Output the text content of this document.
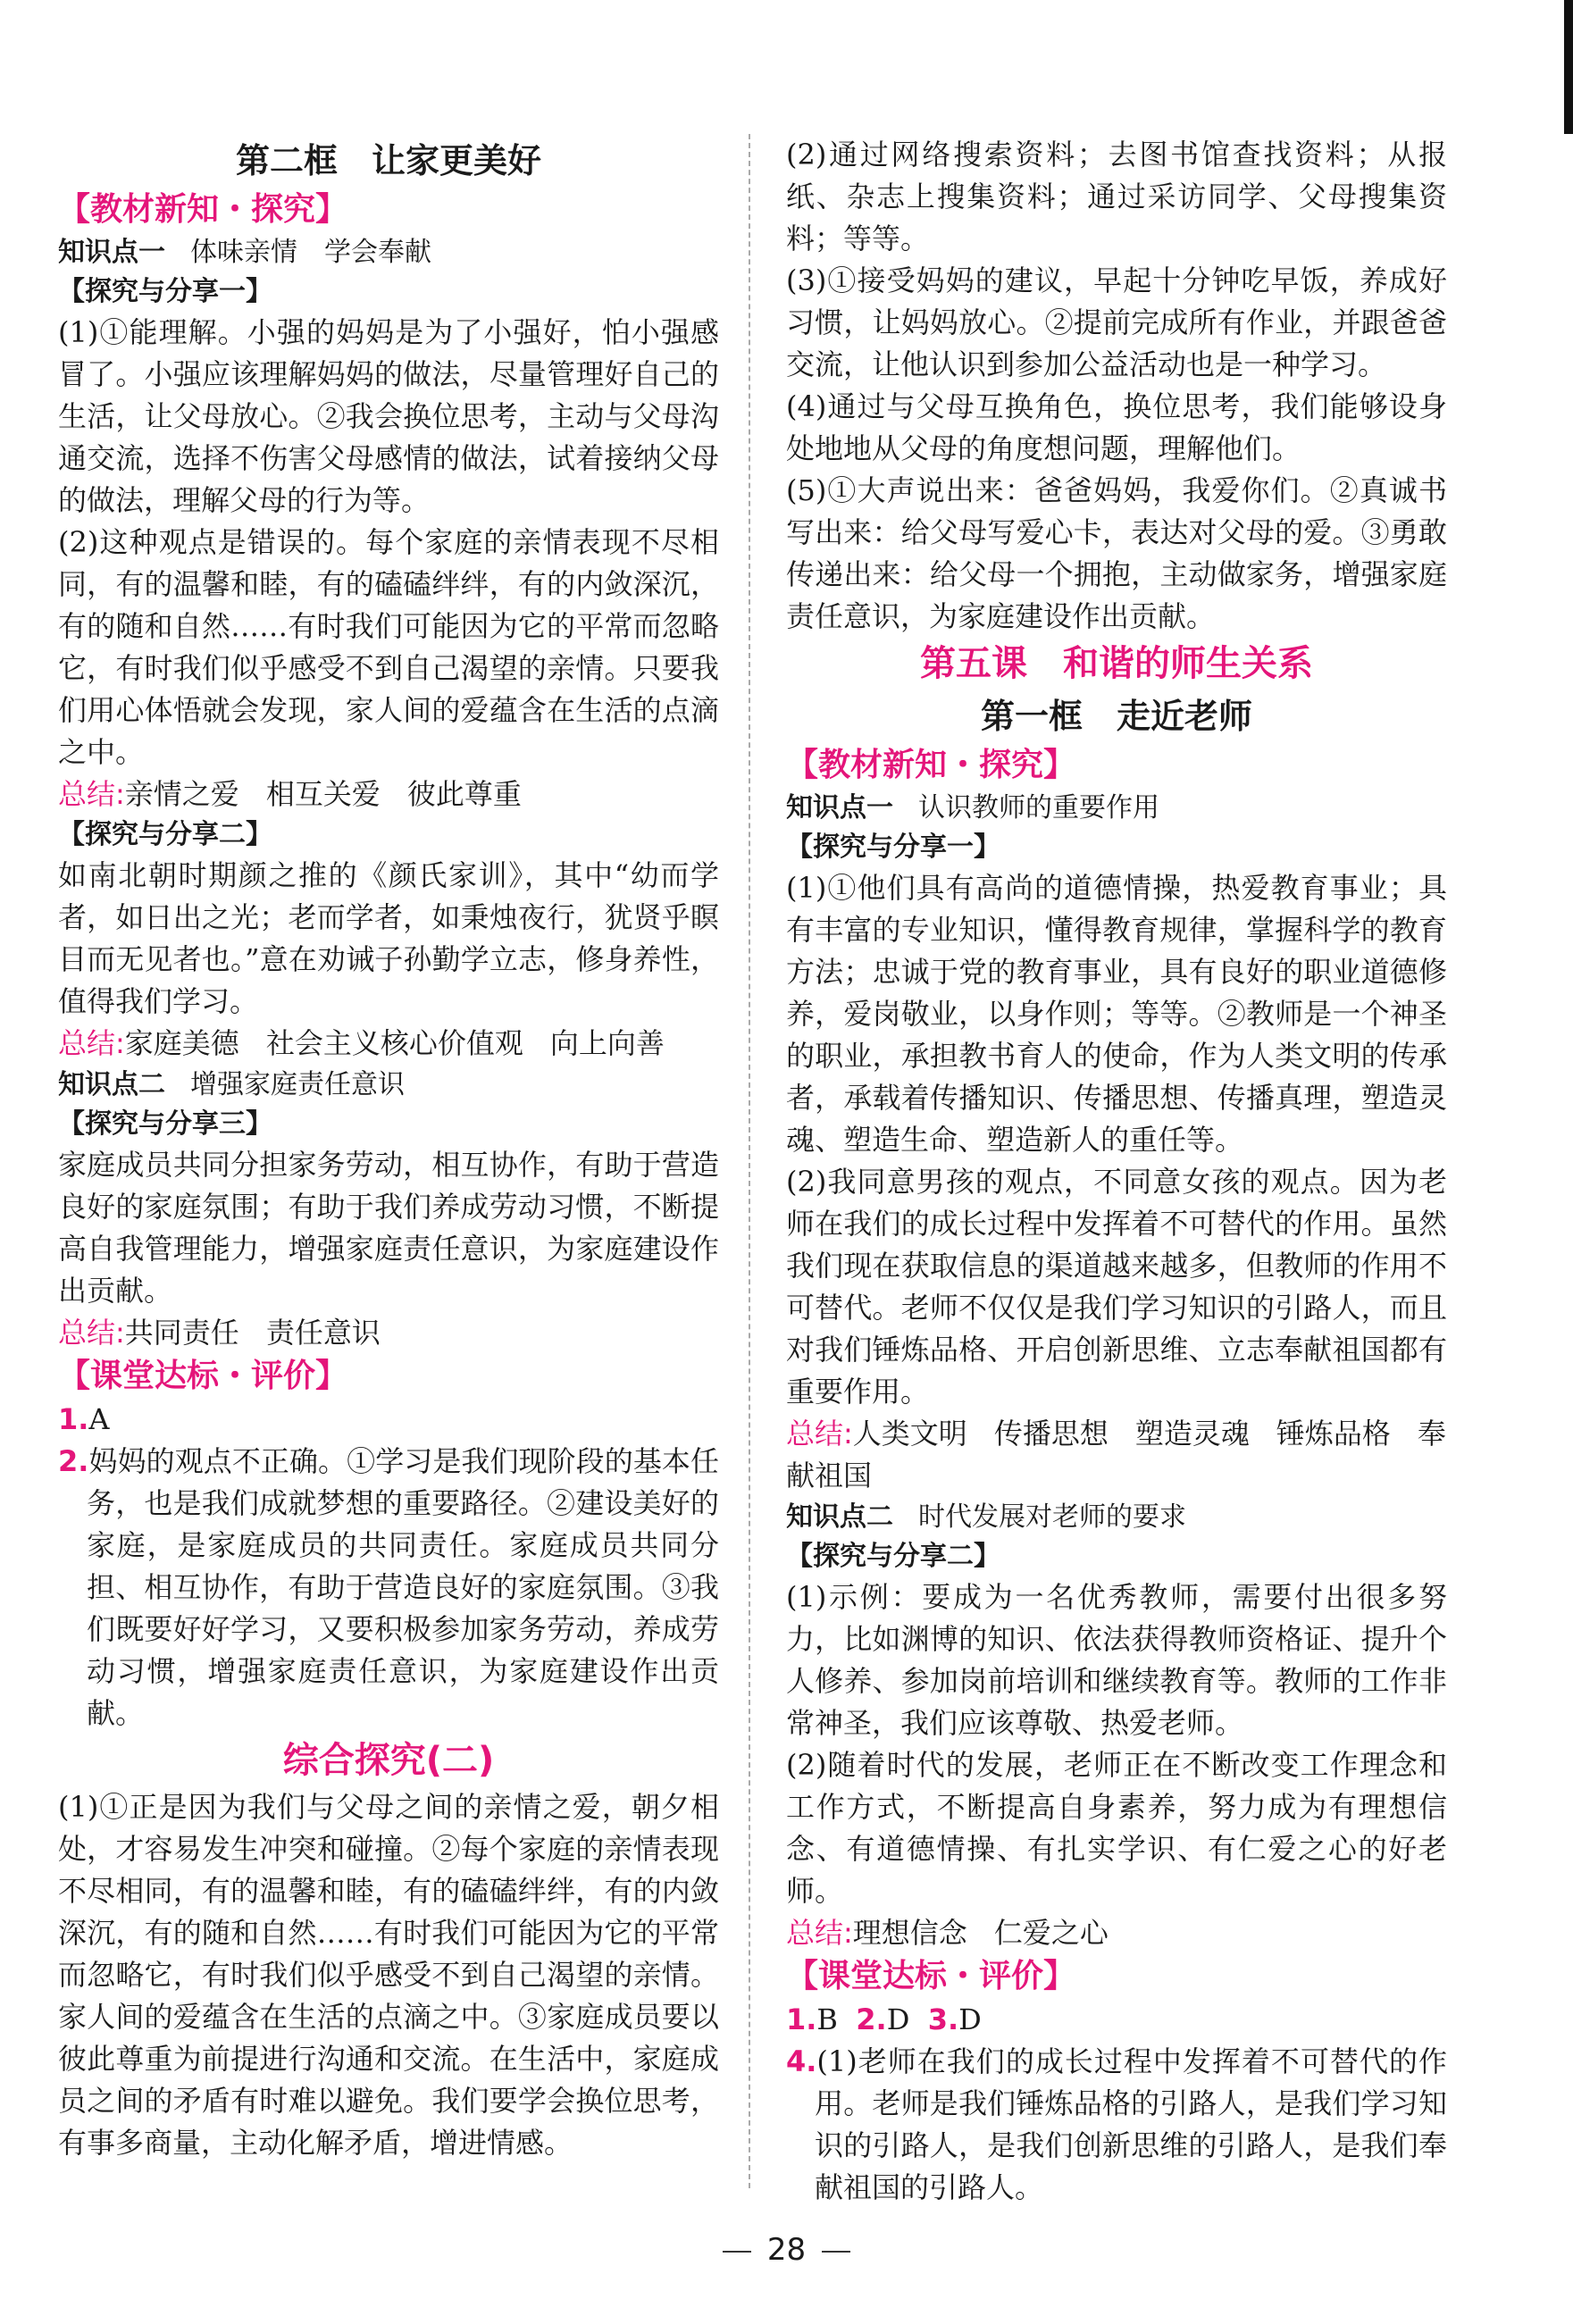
第二框　让家更美好
【教材新知・探究】
知识点一 体味亲情　学会奉献
【探究与分享一】

(1)①能理解。小强的妈妈是为了小强好，怕小强感冒了。小强应该理解妈妈的做法，尽量管理好自己的生活，让父母放心。②我会换位思考，主动与父母沟通交流，选择不伤害父母感情的做法，试着接纳父母的做法，理解父母的行为等。

(2)这种观点是错误的。每个家庭的亲情表现不尽相同，有的温馨和睦，有的磕磕绊绊，有的内敛深沉，有的随和自然……有时我们可能因为它的平常而忽略它，有时我们似乎感受不到自己渴望的亲情。只要我们用心体悟就会发现，家人间的爱蕴含在生活的点滴之中。

总结:亲情之爱 相互关爱 彼此尊重
【探究与分享二】

如南北朝时期颜之推的《颜氏家训》，其中“幼而学者，如日出之光；老而学者，如秉烛夜行，犹贤乎瞑目而无见者也。”意在劝诫子孙勤学立志，修身养性，值得我们学习。

总结:家庭美德 社会主义核心价值观 向上向善
知识点二 增强家庭责任意识
【探究与分享三】

家庭成员共同分担家务劳动，相互协作，有助于营造良好的家庭氛围；有助于我们养成劳动习惯，不断提高自我管理能力，增强家庭责任意识，为家庭建设作出贡献。

总结:共同责任 责任意识
【课堂达标・评价】
1.A

2.妈妈的观点不正确。①学习是我们现阶段的基本任务，也是我们成就梦想的重要路径。②建设美好的家庭，是家庭成员的共同责任。家庭成员共同分担、相互协作，有助于营造良好的家庭氛围。③我们既要好好学习，又要积极参加家务劳动，养成劳动习惯，增强家庭责任意识，为家庭建设作出贡献。

综合探究(二)

(1)①正是因为我们与父母之间的亲情之爱，朝夕相处，才容易发生冲突和碰撞。②每个家庭的亲情表现不尽相同，有的温馨和睦，有的磕磕绊绊，有的内敛深沉，有的随和自然……有时我们可能因为它的平常而忽略它，有时我们似乎感受不到自己渴望的亲情。家人间的爱蕴含在生活的点滴之中。③家庭成员要以彼此尊重为前提进行沟通和交流。在生活中，家庭成员之间的矛盾有时难以避免。我们要学会换位思考，有事多商量，主动化解矛盾，增进情感。

(2)通过网络搜索资料；去图书馆查找资料；从报纸、杂志上搜集资料；通过采访同学、父母搜集资料；等等。

(3)①接受妈妈的建议，早起十分钟吃早饭，养成好习惯，让妈妈放心。②提前完成所有作业，并跟爸爸交流，让他认识到参加公益活动也是一种学习。

(4)通过与父母互换角色，换位思考，我们能够设身处地地从父母的角度想问题，理解他们。

(5)①大声说出来：爸爸妈妈，我爱你们。②真诚书写出来：给父母写爱心卡，表达对父母的爱。③勇敢传递出来：给父母一个拥抱，主动做家务，增强家庭责任意识，为家庭建设作出贡献。

第五课　和谐的师生关系
第一框　走近老师
【教材新知・探究】
知识点一 认识教师的重要作用
【探究与分享一】

(1)①他们具有高尚的道德情操，热爱教育事业；具有丰富的专业知识，懂得教育规律，掌握科学的教育方法；忠诚于党的教育事业，具有良好的职业道德修养，爱岗敬业，以身作则；等等。②教师是一个神圣的职业，承担教书育人的使命，作为人类文明的传承者，承载着传播知识、传播思想、传播真理，塑造灵魂、塑造生命、塑造新人的重任等。

(2)我同意男孩的观点，不同意女孩的观点。因为老师在我们的成长过程中发挥着不可替代的作用。虽然我们现在获取信息的渠道越来越多，但教师的作用不可替代。老师不仅仅是我们学习知识的引路人，而且对我们锤炼品格、开启创新思维、立志奉献祖国都有重要作用。

总结:人类文明 传播思想 塑造灵魂 锤炼品格 奉献祖国
知识点二 时代发展对老师的要求
【探究与分享二】

(1)示例：要成为一名优秀教师，需要付出很多努力，比如渊博的知识、依法获得教师资格证、提升个人修养、参加岗前培训和继续教育等。教师的工作非常神圣，我们应该尊敬、热爱老师。

(2)随着时代的发展，老师正在不断改变工作理念和工作方式，不断提高自身素养，努力成为有理想信念、有道德情操、有扎实学识、有仁爱之心的好老师。

总结:理想信念 仁爱之心
【课堂达标・评价】
1.B 2.D 3.D

4.(1)老师在我们的成长过程中发挥着不可替代的作用。老师是我们锤炼品格的引路人，是我们学习知识的引路人，是我们创新思维的引路人，是我们奉献祖国的引路人。

28
